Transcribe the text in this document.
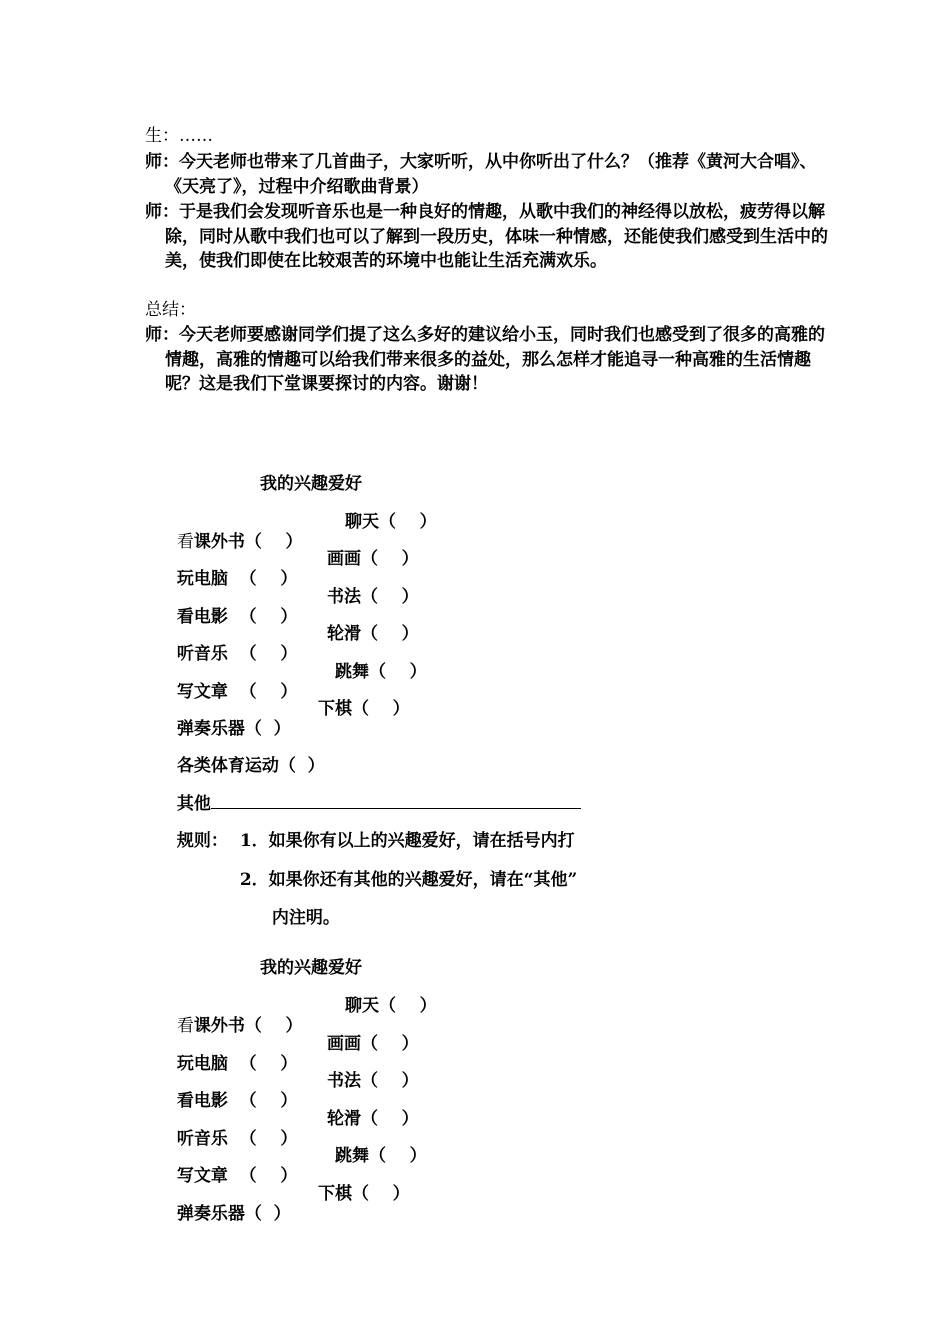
生：……
师：今天老师也带来了几首曲子，大家听听，从中你听出了什么？（推荐《黄河大合唱》、《天亮了》，过程中介绍歌曲背景）
师：于是我们会发现听音乐也是一种良好的情趣，从歌中我们的神经得以放松，疲劳得以解除，同时从歌中我们也可以了解到一段历史，体味一种情感，还能使我们感受到生活中的美，使我们即使在比较艰苦的环境中也能让生活充满欢乐。
总结：
师：今天老师要感谢同学们提了这么多好的建议给小玉，同时我们也感受到了很多的高雅的情趣，高雅的情趣可以给我们带来很多的益处，那么怎样才能追寻一种高雅的生活情趣呢？这是我们下堂课要探讨的内容。谢谢！
我的兴趣爱好

看课外书（    ）

聊天（    ）

玩电脑  （    ）

画画（    ）

看电影  （    ）

书法（    ）

听音乐  （    ）

轮滑（    ）

写文章  （    ）

跳舞（    ）

弹奏乐器（  ）

下棋（    ）

各类体育运动（  ）

其他

规则： 1．如果你有以上的兴趣爱好，请在括号内打

2．如果你还有其他的兴趣爱好，请在“其他”

内注明。

我的兴趣爱好

看课外书（    ）

聊天（    ）

玩电脑  （    ）

画画（    ）

看电影  （    ）

书法（    ）

听音乐  （    ）

轮滑（    ）

写文章  （    ）

跳舞（    ）

弹奏乐器（  ）

下棋（    ）
